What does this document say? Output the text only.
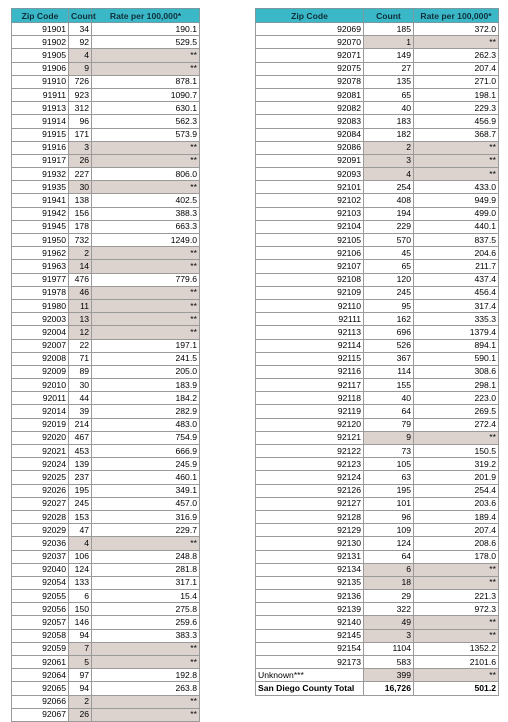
Zip Code	Count	Rate per 100,000*
91901	34	190.1
91902	92	529.5
91905	4	**
91906	9	**
91910	726	878.1
91911	923	1090.7
91913	312	630.1
91914	96	562.3
91915	171	573.9
91916	3	**
91917	26	**
91932	227	806.0
91935	30	**
91941	138	402.5
91942	156	388.3
91945	178	663.3
91950	732	1249.0
91962	2	**
91963	14	**
91977	476	779.6
91978	46	**
91980	11	**
92003	13	**
92004	12	**
92007	22	197.1
92008	71	241.5
92009	89	205.0
92010	30	183.9
92011	44	184.2
92014	39	282.9
92019	214	483.0
92020	467	754.9
92021	453	666.9
92024	139	245.9
92025	237	460.1
92026	195	349.1
92027	245	457.0
92028	153	316.9
92029	47	229.7
92036	4	**
92037	106	248.8
92040	124	281.8
92054	133	317.1
92055	6	15.4
92056	150	275.8
92057	146	259.6
92058	94	383.3
92059	7	**
92061	5	**
92064	97	192.8
92065	94	263.8
92066	2	**
92067	26	**
Zip Code	Count	Rate per 100,000*
92069	185	372.0
92070	1	**
92071	149	262.3
92075	27	207.4
92078	135	271.0
92081	65	198.1
92082	40	229.3
92083	183	456.9
92084	182	368.7
92086	2	**
92091	3	**
92093	4	**
92101	254	433.0
92102	408	949.9
92103	194	499.0
92104	229	440.1
92105	570	837.5
92106	45	204.6
92107	65	211.7
92108	120	437.4
92109	245	456.4
92110	95	317.4
92111	162	335.3
92113	696	1379.4
92114	526	894.1
92115	367	590.1
92116	114	308.6
92117	155	298.1
92118	40	223.0
92119	64	269.5
92120	79	272.4
92121	9	**
92122	73	150.5
92123	105	319.2
92124	63	201.9
92126	195	254.4
92127	101	203.6
92128	96	189.4
92129	109	207.4
92130	124	208.6
92131	64	178.0
92134	6	**
92135	18	**
92136	29	221.3
92139	322	972.3
92140	49	**
92145	3	**
92154	1104	1352.2
92173	583	2101.6
Unknown***	399	**
San Diego County Total	16,726	501.2
